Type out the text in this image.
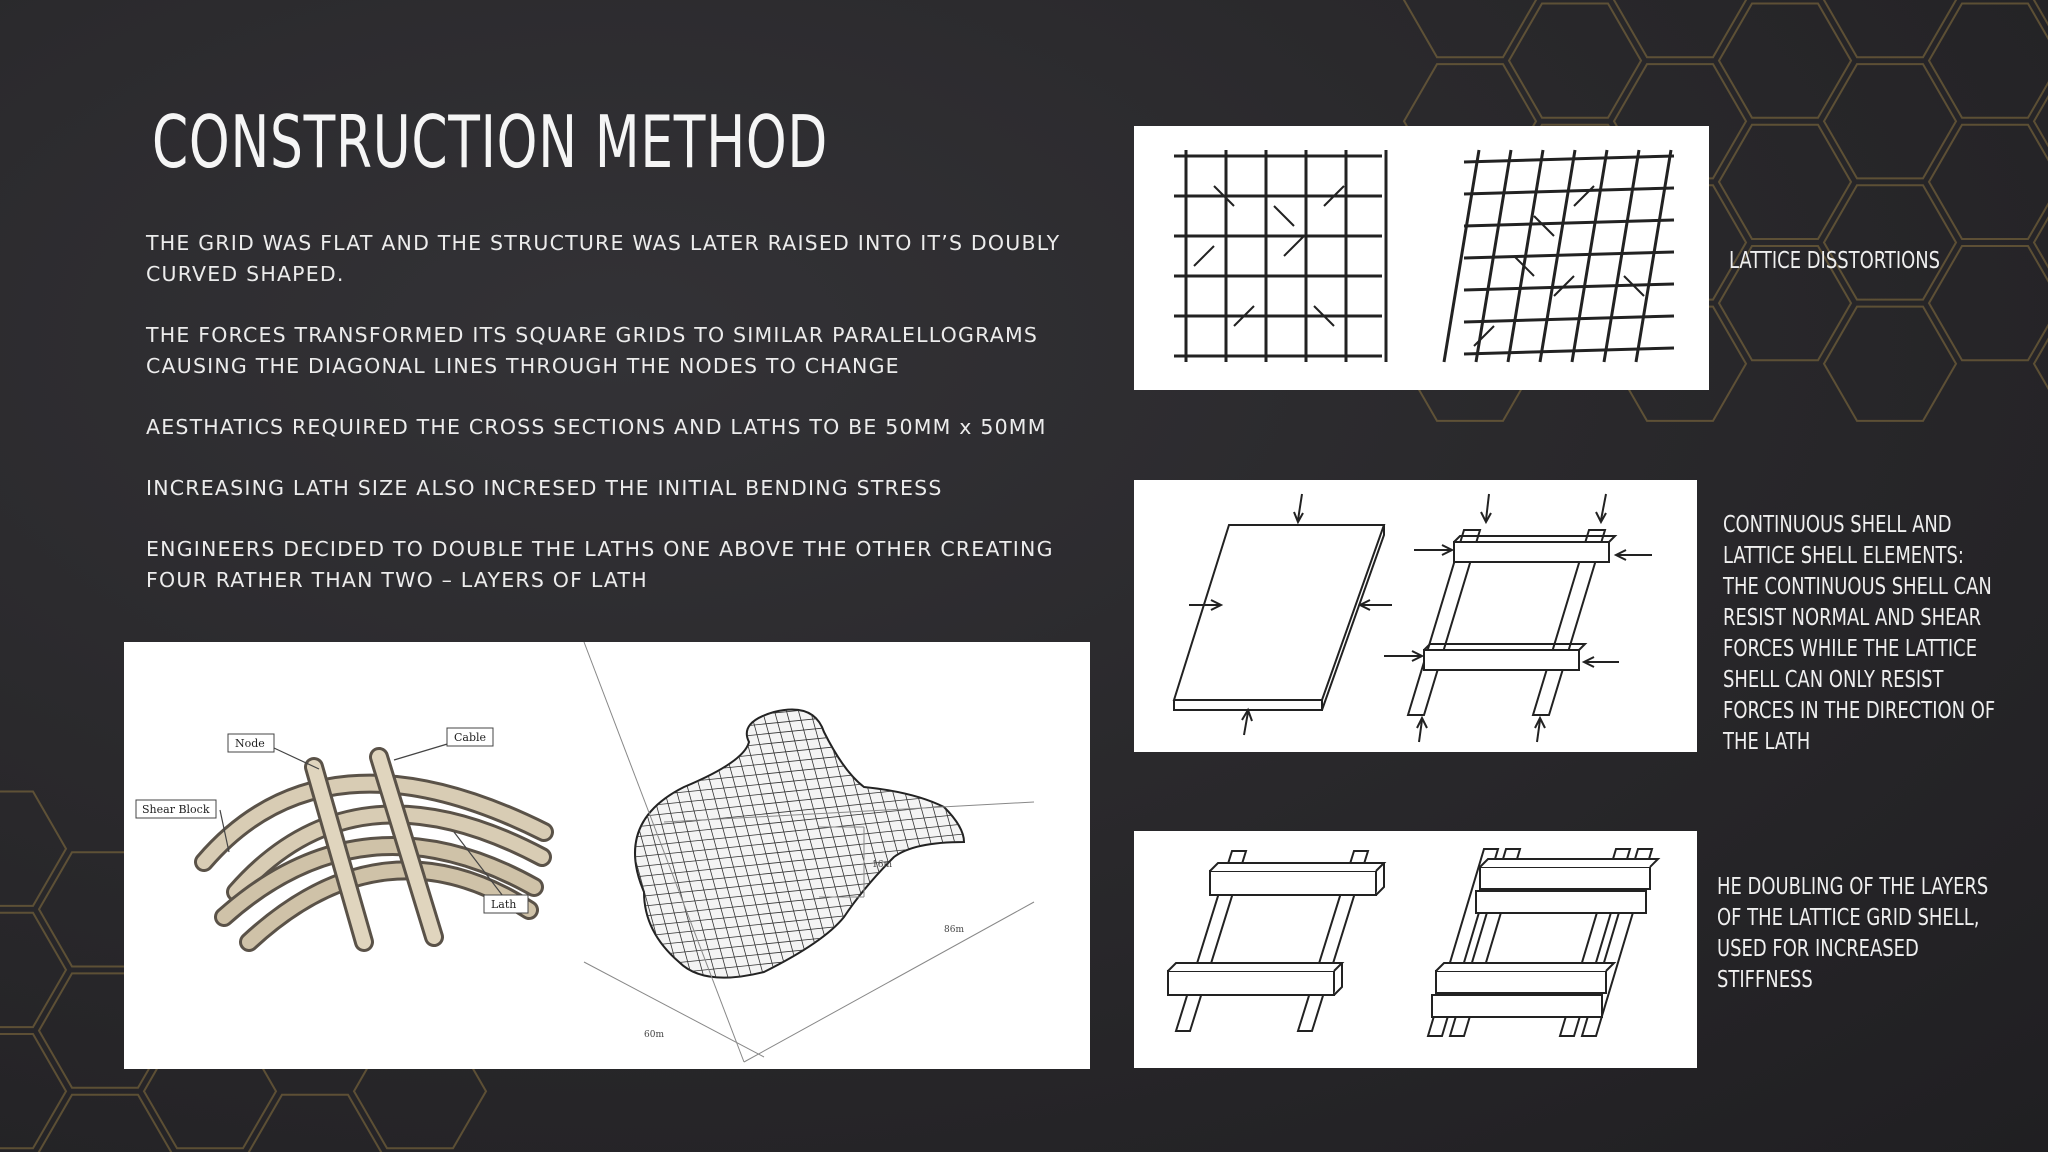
CONSTRUCTION METHOD

THE GRID WAS FLAT AND THE STRUCTURE WAS LATER RAISED INTO IT’S DOUBLY CURVED SHAPED.

THE FORCES TRANSFORMED ITS SQUARE GRIDS TO SIMILAR PARALELLOGRAMS CAUSING THE DIAGONAL LINES THROUGH THE NODES TO CHANGE

AESTHATICS REQUIRED THE CROSS SECTIONS AND LATHS TO BE 50MM x 50MM

INCREASING LATH SIZE ALSO INCRESED THE INITIAL BENDING STRESS

ENGINEERS DECIDED TO DOUBLE THE LATHS ONE ABOVE THE OTHER CREATING FOUR RATHER THAN TWO – LAYERS OF LATH

Node	Cable
Shear Block
Lath
16m
60m
86m
LATTICE DISSTORTIONS
CONTINUOUS SHELL AND LATTICE SHELL ELEMENTS: THE CONTINUOUS SHELL CAN RESIST NORMAL AND SHEAR FORCES WHILE THE LATTICE SHELL CAN ONLY RESIST FORCES IN THE DIRECTION OF THE LATH
HE DOUBLING OF THE LAYERS OF THE LATTICE GRID SHELL, USED FOR INCREASED STIFFNESS
